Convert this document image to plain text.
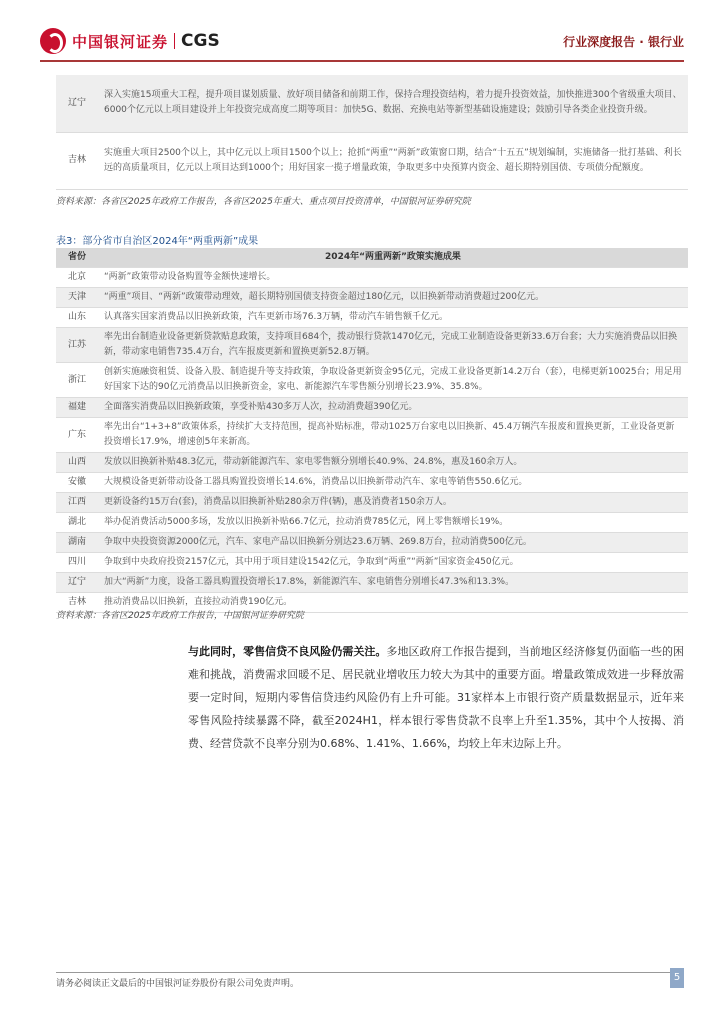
中国银河证券 CGS	行业深度报告 · 银行业
辽宁	深入实施15项重大工程，提升项目谋划质量、放好项目储备和前期工作，保持合理投资结构，着力提升投资效益，加快推进300个省级重大项目、6000个亿元以上项目建设并上年投资完成高度二期等项目：加快5G、数据、充换电站等新型基础设施建设；鼓励引导各类企业投资升级。
吉林	实施重大项目2500个以上，其中亿元以上项目1500个以上；抢抓“两重”“两新”政策窗口期，结合“十五五”规划编制，实施储备一批打基础、利长远的高质量项目，亿元以上项目达到1000个；用好国家一揽子增量政策，争取更多中央预算内资金、超长期特别国债、专项债分配额度。
资料来源：各省区2025年政府工作报告，各省区2025年重大、重点项目投资清单，中国银河证券研究院
表3：部分省市自治区2024年“两重两新”成果
省份	2024年“两重两新”政策实施成果
北京	“两新”政策带动设备购置等金额快速增长。
天津	“两重”项目、“两新”政策带动理效，超长期特别国债支持资金超过180亿元，以旧换新带动消费超过200亿元。
山东	认真落实国家消费品以旧换新政策，汽车更新市场76.3万辆，带动汽车销售额千亿元。
江苏	率先出台制造业设备更新贷款贴息政策，支持项目684个，拨动银行贷款1470亿元，完成工业制造设备更新33.6万台套；大力实施消费品以旧换新，带动家电销售735.4万台，汽车报废更新和置换更新52.8万辆。
浙江	创新实施融资租赁、设备入股、制造提升等支持政策，争取设备更新资金95亿元，完成工业设备更新14.2万台（套），电梯更新10025台；用足用好国家下达的90亿元消费品以旧换新资金，家电、新能源汽车零售额分别增长23.9%、35.8%。
福建	全面落实消费品以旧换新政策，享受补贴430多万人次，拉动消费超390亿元。
广东	率先出台“1+3+8”政策体系，持续扩大支持范围，提高补贴标准，带动1025万台家电以旧换新、45.4万辆汽车报废和置换更新，工业设备更新投资增长17.9%，增速创5年来新高。
山西	发放以旧换新补贴48.3亿元，带动新能源汽车、家电零售额分别增长40.9%、24.8%，惠及160余万人。
安徽	大规模设备更新带动设备工器具购置投资增长14.6%，消费品以旧换新带动汽车、家电等销售550.6亿元。
江西	更新设备约15万台(套)，消费品以旧换新补贴280余万件(辆)，惠及消费者150余万人。
湖北	举办促消费活动5000多场，发放以旧换新补贴66.7亿元，拉动消费785亿元，网上零售额增长19%。
湖南	争取中央投资资源2000亿元，汽车、家电产品以旧换新分别达23.6万辆、269.8万台，拉动消费500亿元。
四川	争取到中央政府投资2157亿元，其中用于项目建设1542亿元，争取到“两重”“两新”国家资金450亿元。
辽宁	加大“两新”力度，设备工器具购置投资增长17.8%，新能源汽车、家电销售分别增长47.3%和13.3%。
吉林	推动消费品以旧换新，直接拉动消费190亿元。
资料来源：各省区2025年政府工作报告，中国银河证券研究院
与此同时，零售信贷不良风险仍需关注。多地区政府工作报告提到，当前地区经济修复仍面临一些的困难和挑战，消费需求回暖不足、居民就业增收压力较大为其中的重要方面。增量政策成效进一步释放需要一定时间，短期内零售信贷违约风险仍有上升可能。31家样本上市银行资产质量数据显示，近年来零售风险持续暴露不降，截至2024H1，样本银行零售贷款不良率上升至1.35%，其中个人按揭、消费、经营贷款不良率分别为0.68%、1.41%、1.66%，均较上年末边际上升。
请务必阅读正文最后的中国银河证券股份有限公司免责声明。
5
